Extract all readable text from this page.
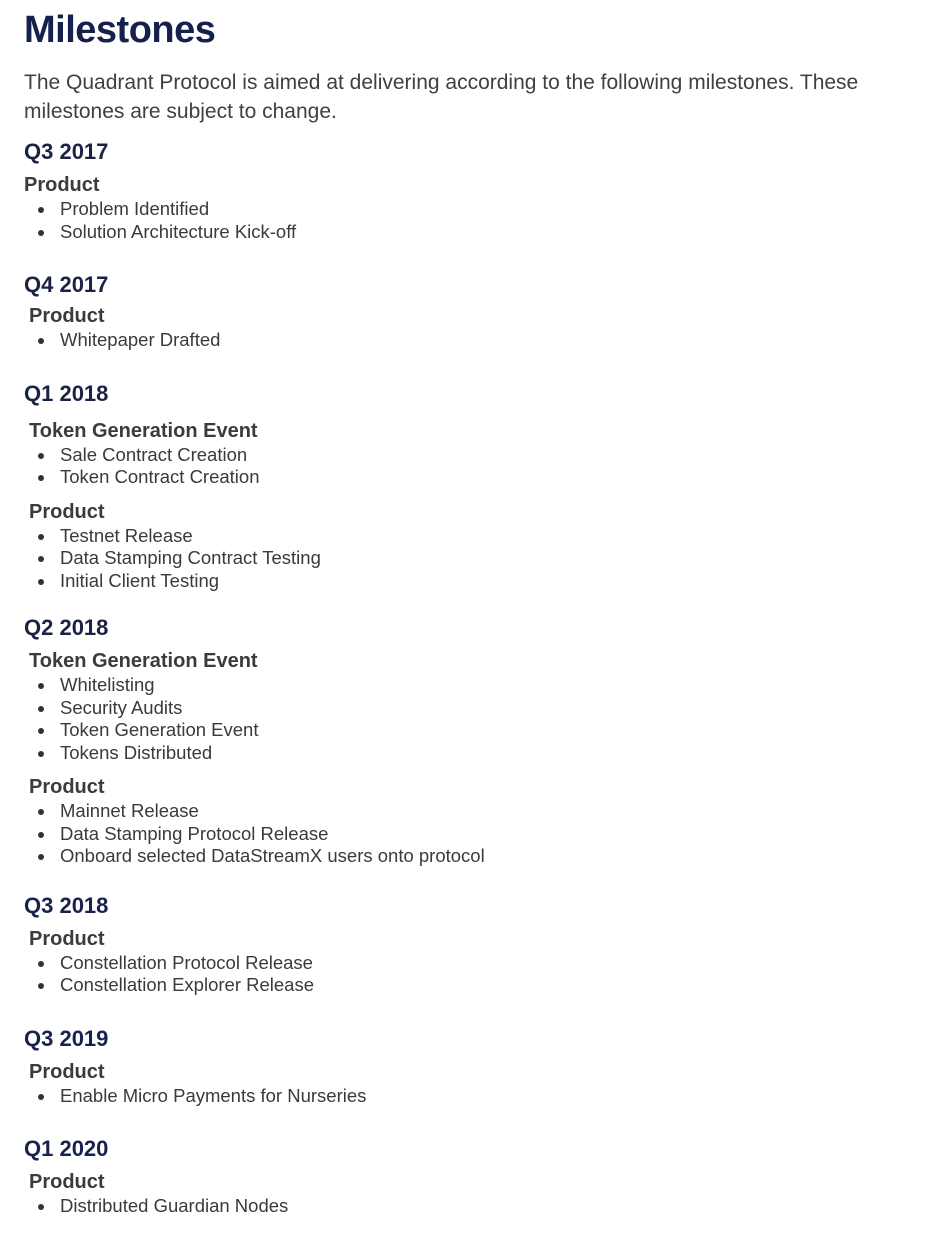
Milestones

The Quadrant Protocol is aimed at delivering according to the following milestones. These milestones are subject to change.

Q3 2017
Product
Problem Identified
Solution Architecture Kick-off
Q4 2017
Product
Whitepaper Drafted
Q1 2018
Token Generation Event
Sale Contract Creation
Token Contract Creation
Product
Testnet Release
Data Stamping Contract Testing
Initial Client Testing
Q2 2018
Token Generation Event
Whitelisting
Security Audits
Token Generation Event
Tokens Distributed
Product
Mainnet Release
Data Stamping Protocol Release
Onboard selected DataStreamX users onto protocol
Q3 2018
Product
Constellation Protocol Release
Constellation Explorer Release
Q3 2019
Product
Enable Micro Payments for Nurseries
Q1 2020
Product
Distributed Guardian Nodes
